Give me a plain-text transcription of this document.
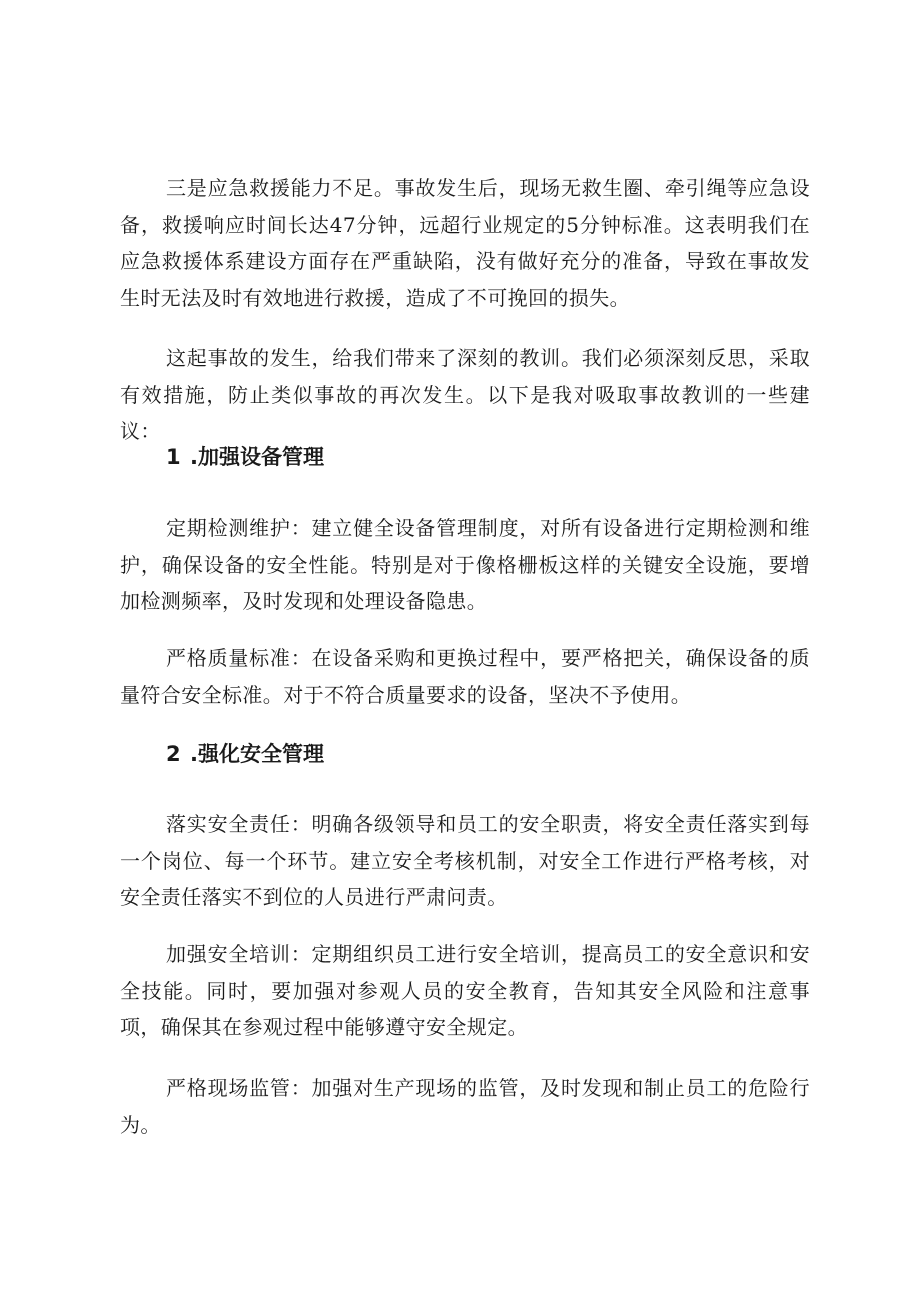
三是应急救援能力不足。事故发生后，现场无救生圈、牵引绳等应急设备，救援响应时间长达47分钟，远超行业规定的5分钟标准。这表明我们在应急救援体系建设方面存在严重缺陷，没有做好充分的准备，导致在事故发生时无法及时有效地进行救援，造成了不可挽回的损失。

这起事故的发生，给我们带来了深刻的教训。我们必须深刻反思，采取有效措施，防止类似事故的再次发生。以下是我对吸取事故教训的一些建议：

1 .加强设备管理

定期检测维护：建立健全设备管理制度，对所有设备进行定期检测和维护，确保设备的安全性能。特别是对于像格栅板这样的关键安全设施，要增加检测频率，及时发现和处理设备隐患。

严格质量标准：在设备采购和更换过程中，要严格把关，确保设备的质量符合安全标准。对于不符合质量要求的设备，坚决不予使用。

2 .强化安全管理

落实安全责任：明确各级领导和员工的安全职责，将安全责任落实到每一个岗位、每一个环节。建立安全考核机制，对安全工作进行严格考核，对安全责任落实不到位的人员进行严肃问责。

加强安全培训：定期组织员工进行安全培训，提高员工的安全意识和安全技能。同时，要加强对参观人员的安全教育，告知其安全风险和注意事项，确保其在参观过程中能够遵守安全规定。

严格现场监管：加强对生产现场的监管，及时发现和制止员工的危险行为。
